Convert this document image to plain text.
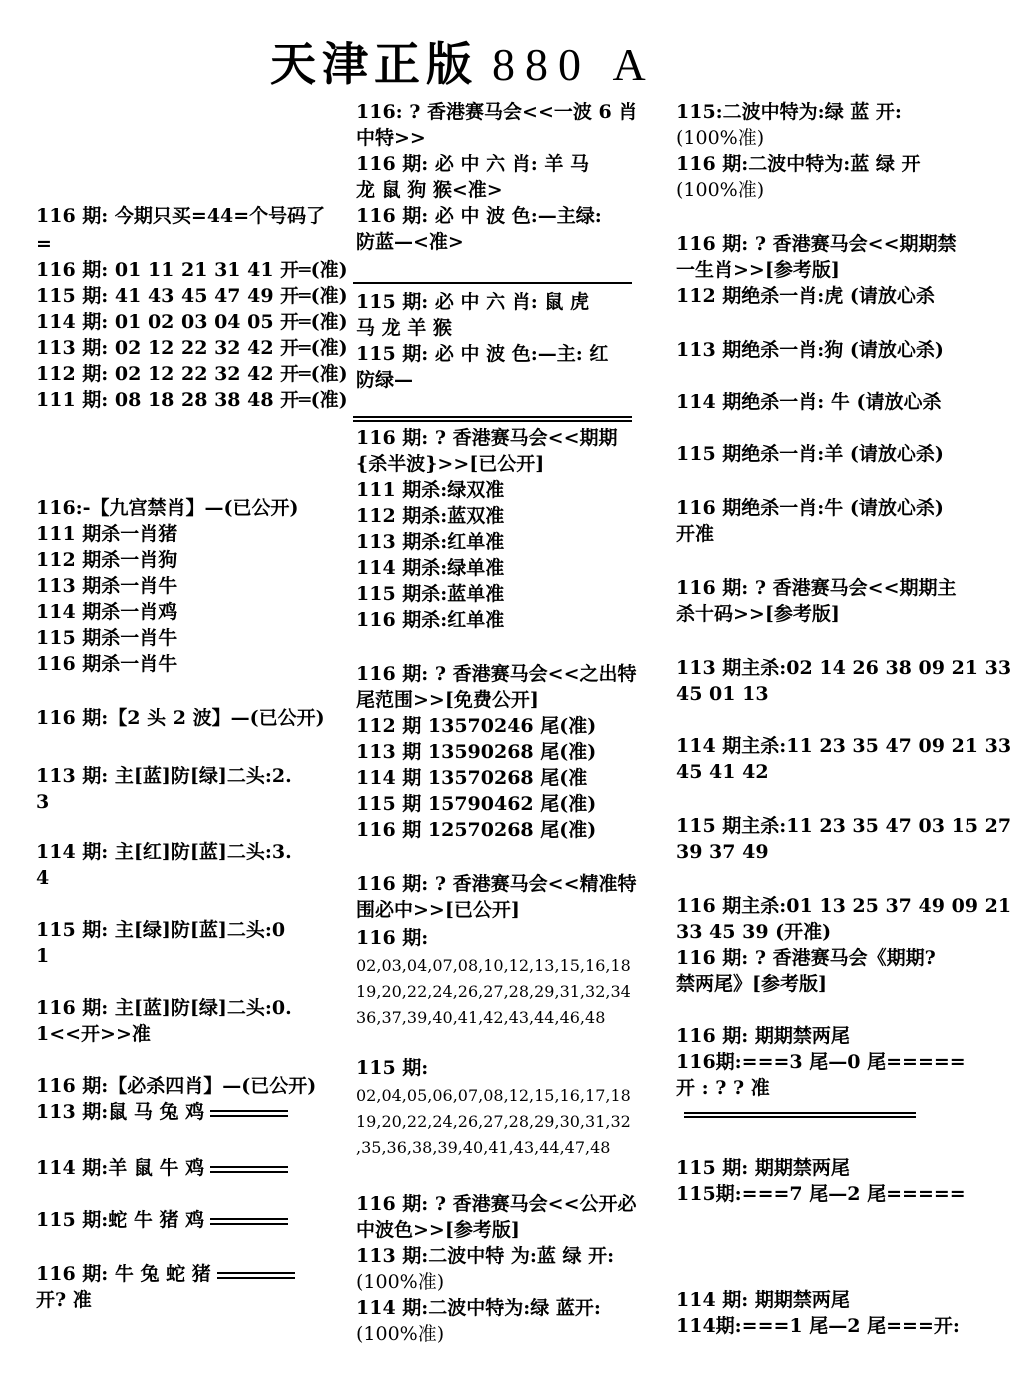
天津正版 880 A
116 期: 今期只买=44=个号码了
=
116 期: 01 11 21 31 41 开═(准)
115 期: 41 43 45 47 49 开═(准)
114 期: 01 02 03 04 05 开═(准)
113 期: 02 12 22 32 42 开═(准)
112 期: 02 12 22 32 42 开═(准)
111 期: 08 18 28 38 48 开═(准)
116:-【九宫禁肖】—(已公开)
111 期杀一肖猪
112 期杀一肖狗
113 期杀一肖牛
114 期杀一肖鸡
115 期杀一肖牛
116 期杀一肖牛
116 期:【2 头 2 波】—(已公开)
113 期: 主[蓝]防[绿]二头:2.
3
114 期: 主[红]防[蓝]二头:3.
4
115 期: 主[绿]防[蓝]二头:0
1
116 期: 主[蓝]防[绿]二头:0.
1<<开>>准
116 期:【必杀四肖】—(已公开)
113 期:鼠 马 兔 鸡
114 期:羊 鼠 牛 鸡
115 期:蛇 牛 猪 鸡
116 期: 牛 兔 蛇 猪
开? 准
116: ? 香港赛马会<<一波 6 肖
中特>>
116 期: 必 中 六 肖: 羊 马
龙 鼠 狗 猴<准>
116 期: 必 中 波 色:—主绿:
防蓝—<准>
115 期: 必 中 六 肖: 鼠 虎
马 龙 羊 猴
115 期: 必 中 波 色:—主: 红
防绿—
116 期: ? 香港赛马会<<期期
{杀半波}>>[已公开]
111 期杀:绿双准
112 期杀:蓝双准
113 期杀:红单准
114 期杀:绿单准
115 期杀:蓝单准
116 期杀:红单准
116 期: ? 香港赛马会<<之出特
尾范围>>[免费公开]
112 期 13570246 尾(准)
113 期 13590268 尾(准)
114 期 13570268 尾(准
115 期 15790462 尾(准)
116 期 12570268 尾(准)
116 期: ? 香港赛马会<<精准特
围必中>>[已公开]
116 期:
02,03,04,07,08,10,12,13,15,16,18
19,20,22,24,26,27,28,29,31,32,34
36,37,39,40,41,42,43,44,46,48
115 期:
02,04,05,06,07,08,12,15,16,17,18
19,20,22,24,26,27,28,29,30,31,32
,35,36,38,39,40,41,43,44,47,48
116 期: ? 香港赛马会<<公开必
中波色>>[参考版]
113 期:二波中特 为:蓝 绿 开:
(100%准)
114 期:二波中特为:绿 蓝开:
(100%准)
115:二波中特为:绿 蓝 开:
(100%准)
116 期:二波中特为:蓝 绿 开
(100%准)
116 期: ? 香港赛马会<<期期禁
一生肖>>[参考版]
112 期绝杀一肖:虎 (请放心杀
113 期绝杀一肖:狗 (请放心杀)
114 期绝杀一肖: 牛 (请放心杀
115 期绝杀一肖:羊 (请放心杀)
116 期绝杀一肖:牛 (请放心杀)
开准
116 期: ? 香港赛马会<<期期主
杀十码>>[参考版]
113 期主杀:02 14 26 38 09 21 33
45 01 13
114 期主杀:11 23 35 47 09 21 33
45 41 42
115 期主杀:11 23 35 47 03 15 27
39 37 49
116 期主杀:01 13 25 37 49 09 21
33 45 39 (开准)
116 期: ? 香港赛马会《期期?
禁两尾》[参考版]
116 期: 期期禁两尾
116期:===3 尾—0 尾=====
开 : ? ? 准
115 期: 期期禁两尾
115期:===7 尾—2 尾=====
114 期: 期期禁两尾
114期:===1 尾—2 尾===开:
